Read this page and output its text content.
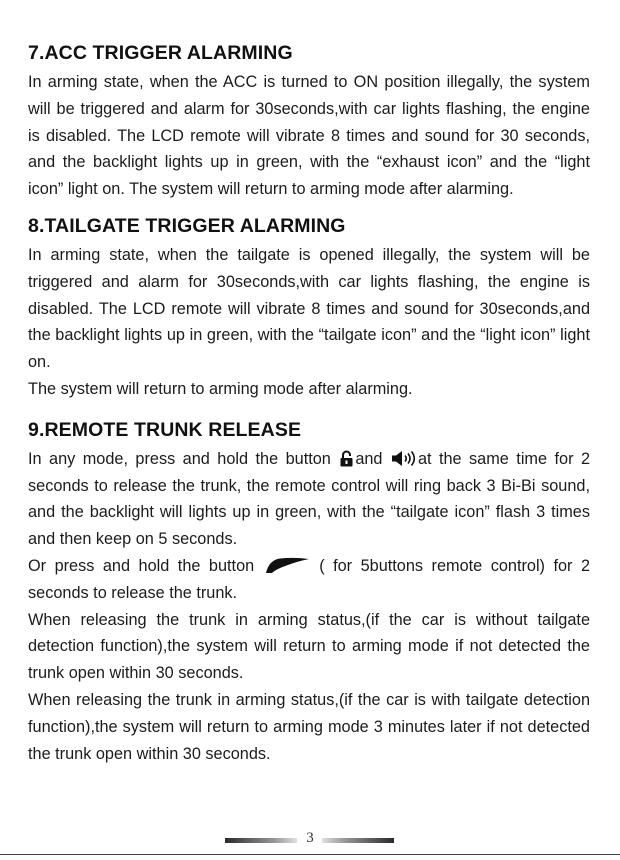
7.ACC TRIGGER ALARMING

In arming state, when the ACC is turned to ON position illegally, the system will be triggered and alarm for 30seconds,with car lights flashing, the engine is disabled. The LCD remote will vibrate 8 times and sound for 30 seconds, and the backlight lights up in green, with the “exhaust icon” and the “light icon” light on. The system will return to arming mode after alarming.

8.TAILGATE TRIGGER ALARMING

In arming state, when the tailgate is opened illegally, the system will be triggered and alarm for 30seconds,with car lights flashing, the engine is disabled. The LCD remote will vibrate 8 times and sound for 30seconds,and the backlight lights up in green, with the “tailgate icon” and the “light icon” light on.

The system will return to arming mode after alarming.

9.REMOTE TRUNK RELEASE

In any mode, press and hold the button and at the same time for 2 seconds to release the trunk, the remote control will ring back 3 Bi-Bi sound, and the backlight will lights up in green, with the “tailgate icon” flash 3 times and then keep on 5 seconds.

Or press and hold the button	( for 5buttons remote control) for 2 seconds to release the trunk.

When releasing the trunk in arming status,(if the car is without tailgate detection function),the system will return to arming mode if not detected the trunk open within 30 seconds.

When releasing the trunk in arming status,(if the car is with tailgate detection function),the system will return to arming mode 3 minutes later if not detected the trunk open within 30 seconds.

3
